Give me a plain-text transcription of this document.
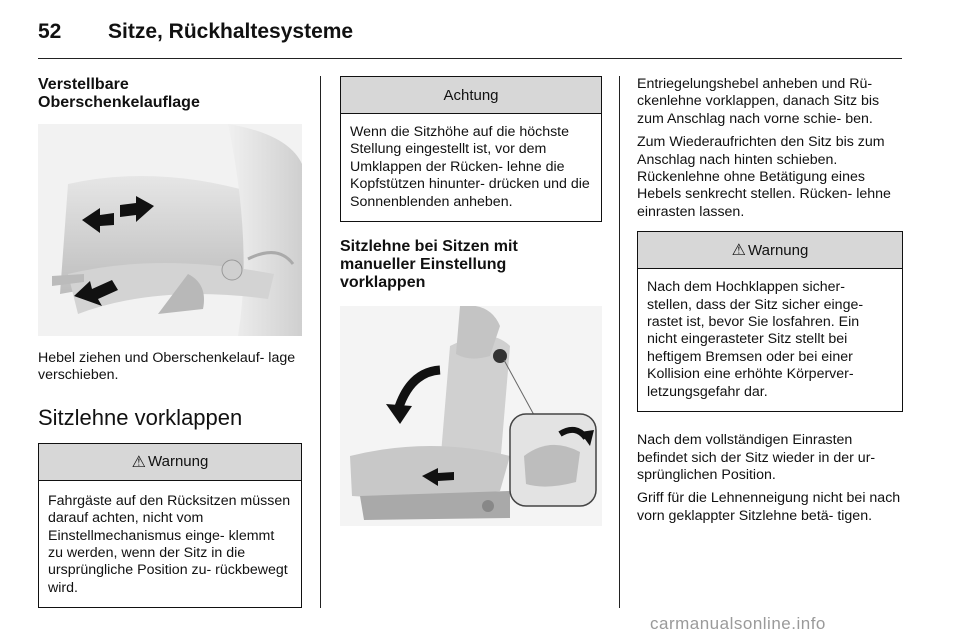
52 Sitze, Rückhaltesysteme
Verstellbare Oberschenkelauflage

Hebel ziehen und Oberschenkelauf- lage verschieben.

Sitzlehne vorklappen
⚠ Warnung
Fahrgäste auf den Rücksitzen müssen darauf achten, nicht vom Einstellmechanismus einge- klemmt zu werden, wenn der Sitz in die ursprüngliche Position zu- rückbewegt wird.
Achtung
Wenn die Sitzhöhe auf die höchste Stellung eingestellt ist, vor dem Umklappen der Rücken- lehne die Kopfstützen hinunter- drücken und die Sonnenblenden anheben.
Sitzlehne bei Sitzen mit manueller Einstellung vorklappen

Entriegelungshebel anheben und Rü- ckenlehne vorklappen, danach Sitz bis zum Anschlag nach vorne schie- ben.

Zum Wiederaufrichten den Sitz bis zum Anschlag nach hinten schieben. Rückenlehne ohne Betätigung eines Hebels senkrecht stellen. Rücken- lehne einrasten lassen.

⚠ Warnung
Nach dem Hochklappen sicher- stellen, dass der Sitz sicher einge- rastet ist, bevor Sie losfahren. Ein nicht eingerasteter Sitz stellt bei heftigem Bremsen oder bei einer Kollision eine erhöhte Körperver- letzungsgefahr dar.

Nach dem vollständigen Einrasten befindet sich der Sitz wieder in der ur- sprünglichen Position.

Griff für die Lehnenneigung nicht bei nach vorn geklappter Sitzlehne betä- tigen.

carmanualsonline.info
